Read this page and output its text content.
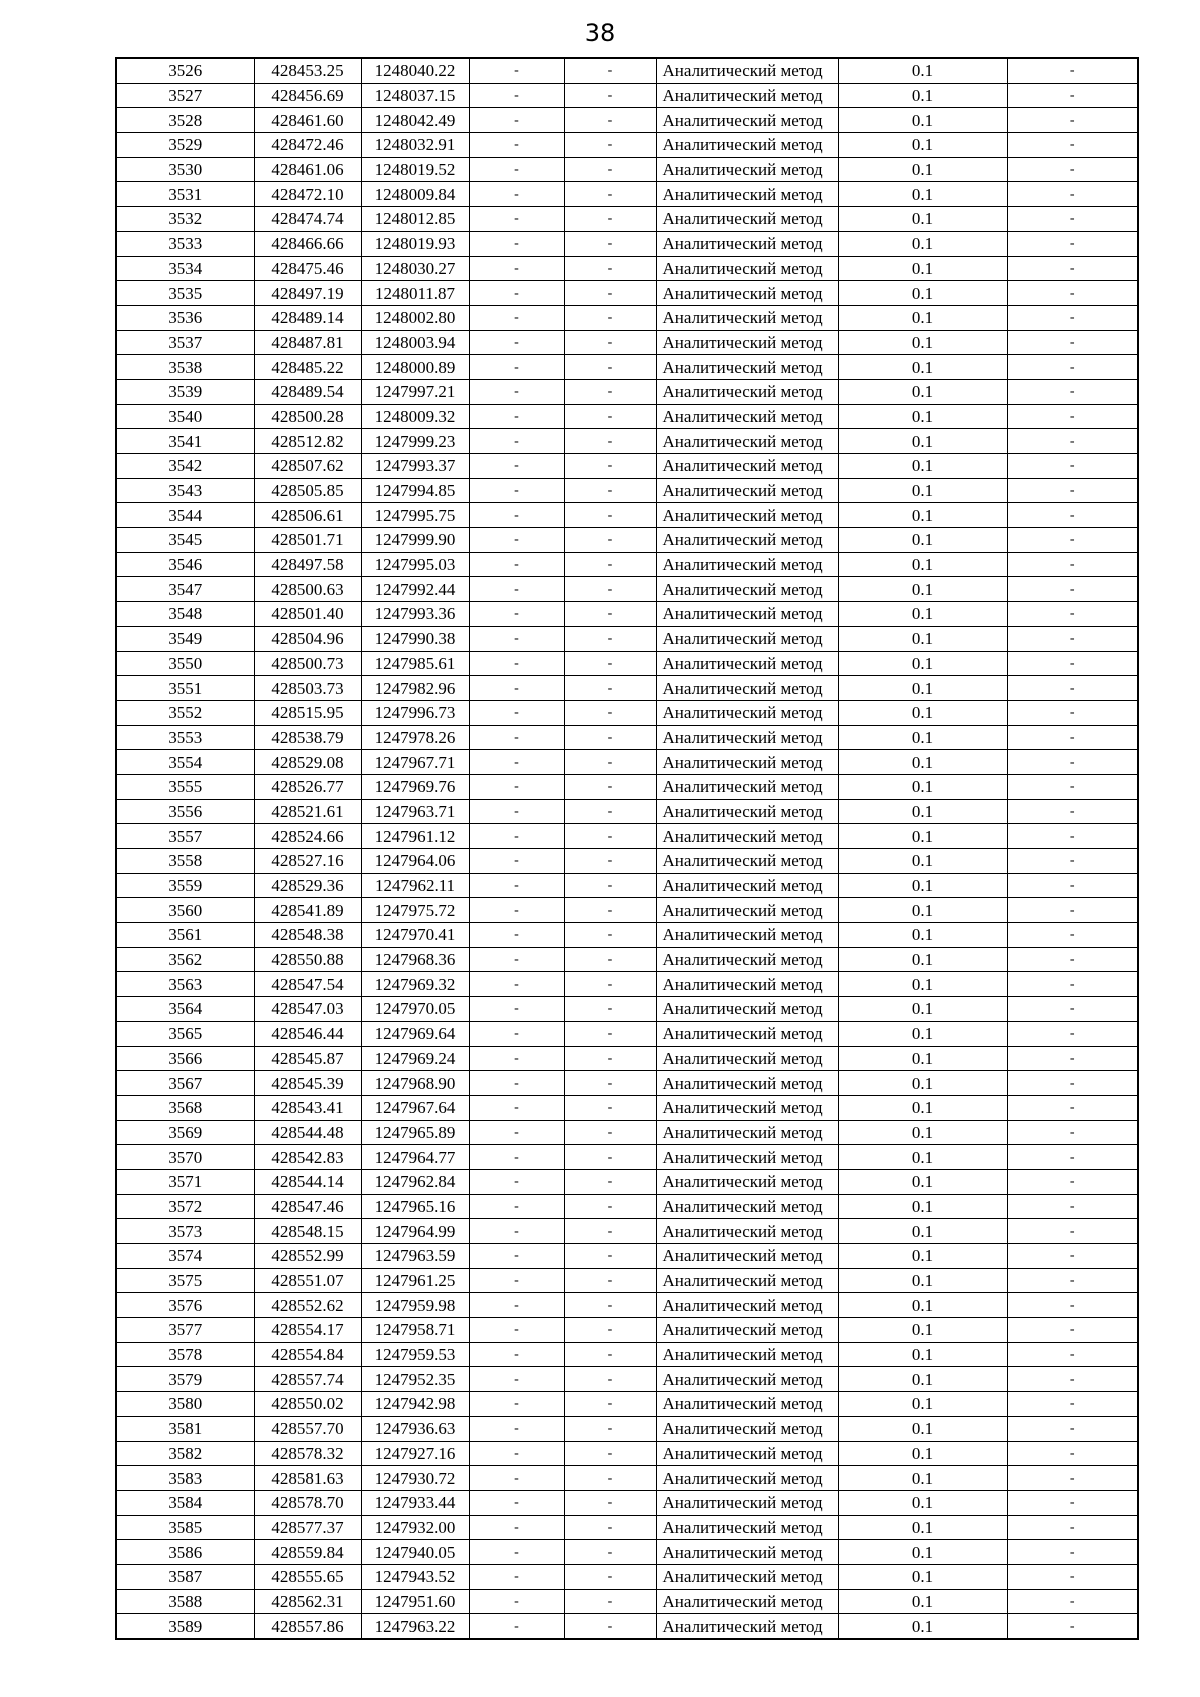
38
3526	428453.25	1248040.22	-	-	Аналитический метод	0.1	-
3527	428456.69	1248037.15	-	-	Аналитический метод	0.1	-
3528	428461.60	1248042.49	-	-	Аналитический метод	0.1	-
3529	428472.46	1248032.91	-	-	Аналитический метод	0.1	-
3530	428461.06	1248019.52	-	-	Аналитический метод	0.1	-
3531	428472.10	1248009.84	-	-	Аналитический метод	0.1	-
3532	428474.74	1248012.85	-	-	Аналитический метод	0.1	-
3533	428466.66	1248019.93	-	-	Аналитический метод	0.1	-
3534	428475.46	1248030.27	-	-	Аналитический метод	0.1	-
3535	428497.19	1248011.87	-	-	Аналитический метод	0.1	-
3536	428489.14	1248002.80	-	-	Аналитический метод	0.1	-
3537	428487.81	1248003.94	-	-	Аналитический метод	0.1	-
3538	428485.22	1248000.89	-	-	Аналитический метод	0.1	-
3539	428489.54	1247997.21	-	-	Аналитический метод	0.1	-
3540	428500.28	1248009.32	-	-	Аналитический метод	0.1	-
3541	428512.82	1247999.23	-	-	Аналитический метод	0.1	-
3542	428507.62	1247993.37	-	-	Аналитический метод	0.1	-
3543	428505.85	1247994.85	-	-	Аналитический метод	0.1	-
3544	428506.61	1247995.75	-	-	Аналитический метод	0.1	-
3545	428501.71	1247999.90	-	-	Аналитический метод	0.1	-
3546	428497.58	1247995.03	-	-	Аналитический метод	0.1	-
3547	428500.63	1247992.44	-	-	Аналитический метод	0.1	-
3548	428501.40	1247993.36	-	-	Аналитический метод	0.1	-
3549	428504.96	1247990.38	-	-	Аналитический метод	0.1	-
3550	428500.73	1247985.61	-	-	Аналитический метод	0.1	-
3551	428503.73	1247982.96	-	-	Аналитический метод	0.1	-
3552	428515.95	1247996.73	-	-	Аналитический метод	0.1	-
3553	428538.79	1247978.26	-	-	Аналитический метод	0.1	-
3554	428529.08	1247967.71	-	-	Аналитический метод	0.1	-
3555	428526.77	1247969.76	-	-	Аналитический метод	0.1	-
3556	428521.61	1247963.71	-	-	Аналитический метод	0.1	-
3557	428524.66	1247961.12	-	-	Аналитический метод	0.1	-
3558	428527.16	1247964.06	-	-	Аналитический метод	0.1	-
3559	428529.36	1247962.11	-	-	Аналитический метод	0.1	-
3560	428541.89	1247975.72	-	-	Аналитический метод	0.1	-
3561	428548.38	1247970.41	-	-	Аналитический метод	0.1	-
3562	428550.88	1247968.36	-	-	Аналитический метод	0.1	-
3563	428547.54	1247969.32	-	-	Аналитический метод	0.1	-
3564	428547.03	1247970.05	-	-	Аналитический метод	0.1	-
3565	428546.44	1247969.64	-	-	Аналитический метод	0.1	-
3566	428545.87	1247969.24	-	-	Аналитический метод	0.1	-
3567	428545.39	1247968.90	-	-	Аналитический метод	0.1	-
3568	428543.41	1247967.64	-	-	Аналитический метод	0.1	-
3569	428544.48	1247965.89	-	-	Аналитический метод	0.1	-
3570	428542.83	1247964.77	-	-	Аналитический метод	0.1	-
3571	428544.14	1247962.84	-	-	Аналитический метод	0.1	-
3572	428547.46	1247965.16	-	-	Аналитический метод	0.1	-
3573	428548.15	1247964.99	-	-	Аналитический метод	0.1	-
3574	428552.99	1247963.59	-	-	Аналитический метод	0.1	-
3575	428551.07	1247961.25	-	-	Аналитический метод	0.1	-
3576	428552.62	1247959.98	-	-	Аналитический метод	0.1	-
3577	428554.17	1247958.71	-	-	Аналитический метод	0.1	-
3578	428554.84	1247959.53	-	-	Аналитический метод	0.1	-
3579	428557.74	1247952.35	-	-	Аналитический метод	0.1	-
3580	428550.02	1247942.98	-	-	Аналитический метод	0.1	-
3581	428557.70	1247936.63	-	-	Аналитический метод	0.1	-
3582	428578.32	1247927.16	-	-	Аналитический метод	0.1	-
3583	428581.63	1247930.72	-	-	Аналитический метод	0.1	-
3584	428578.70	1247933.44	-	-	Аналитический метод	0.1	-
3585	428577.37	1247932.00	-	-	Аналитический метод	0.1	-
3586	428559.84	1247940.05	-	-	Аналитический метод	0.1	-
3587	428555.65	1247943.52	-	-	Аналитический метод	0.1	-
3588	428562.31	1247951.60	-	-	Аналитический метод	0.1	-
3589	428557.86	1247963.22	-	-	Аналитический метод	0.1	-
